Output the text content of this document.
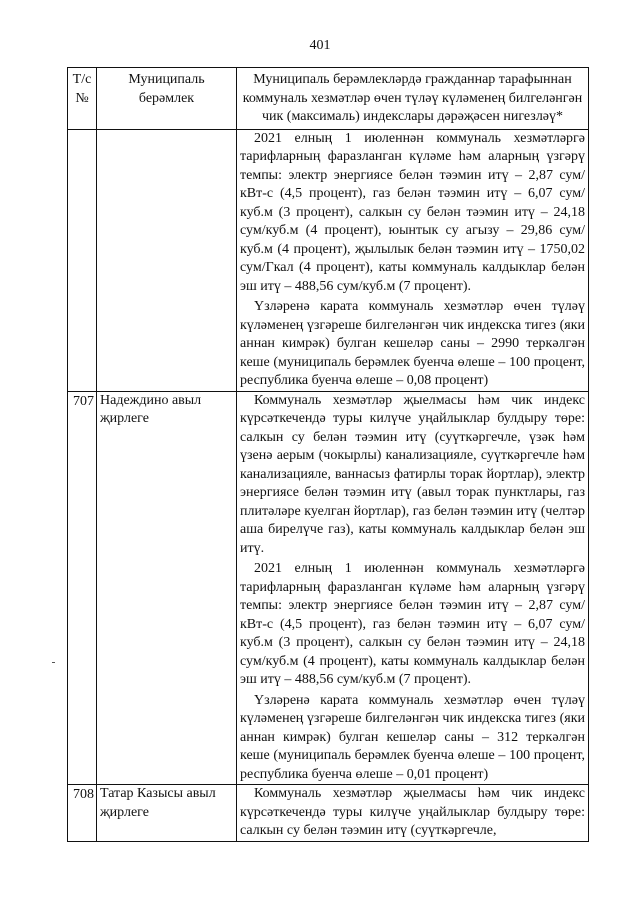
401
Т/с №	Муниципаль берәмлек	Муниципаль берәмлекләрдә гражданнар тарафыннан коммуналь хезмәтләр өчен түләү күләменең билгеләнгән чик (максималь) индекслары дәрәҗәсен нигезләү*

		2021 елның 1 июленнән коммуналь хезмәтләргә тарифларның фаразланган күләме һәм аларның үзгәрү темпы: электр энергиясе белән тәэмин итү – 2,87 сум/кВт-с (4,5 процент), газ белән тәэмин итү – 6,07 сум/куб.м (3 процент), салкын су белән тәэмин итү – 24,18 сум/куб.м (4 процент), юынтык су агызу – 29,86 сум/куб.м (4 процент), җылылык белән тәэмин итү – 1750,02 сум/Гкал (4 процент), каты коммуналь калдыклар белән эш итү – 488,56 сум/куб.м (7 процент).

Үзләренә карата коммуналь хезмәтләр өчен түләү күләменең үзгәреше билгеләнгән чик индекска тигез (яки аннан кимрәк) булган кешеләр саны – 2990 теркәлгән кеше (муниципаль берәмлек буенча өлеше – 100 процент, республика буенча өлеше – 0,08 процент)

707	Надеждино авыл җирлеге	Коммуналь хезмәтләр җыелмасы һәм чик индекс күрсәткечендә туры килүче уңайлыклар булдыру төре: салкын су белән тәэмин итү (суүткәргечле, үзәк һәм үзенә аерым (чокырлы) канализацияле, суүткәргечле һәм канализацияле, ваннасыз фатирлы торак йортлар), электр энергиясе белән тәэмин итү (авыл торак пунктлары, газ плитәләре куелган йортлар), газ белән тәэмин итү (челтәр аша бирелүче газ), каты коммуналь калдыклар белән эш итү.

2021 елның 1 июленнән коммуналь хезмәтләргә тарифларның фаразланган күләме һәм аларның үзгәрү темпы: электр энергиясе белән тәэмин итү – 2,87 сум/кВт-с (4,5 процент), газ белән тәэмин итү – 6,07 сум/куб.м (3 процент), салкын су белән тәэмин итү – 24,18 сум/куб.м (4 процент), каты коммуналь калдыклар белән эш итү – 488,56 сум/куб.м (7 процент).

Үзләренә карата коммуналь хезмәтләр өчен түләү күләменең үзгәреше билгеләнгән чик индекска тигез (яки аннан кимрәк) булган кешеләр саны – 312 теркәлгән кеше (муниципаль берәмлек буенча өлеше – 100 процент, республика буенча өлеше – 0,01 процент)

708	Татар Казысы авыл җирлеге	Коммуналь хезмәтләр җыелмасы һәм чик индекс күрсәткечендә туры килүче уңайлыклар булдыру төре: салкын су белән тәэмин итү (суүткәргечле,
